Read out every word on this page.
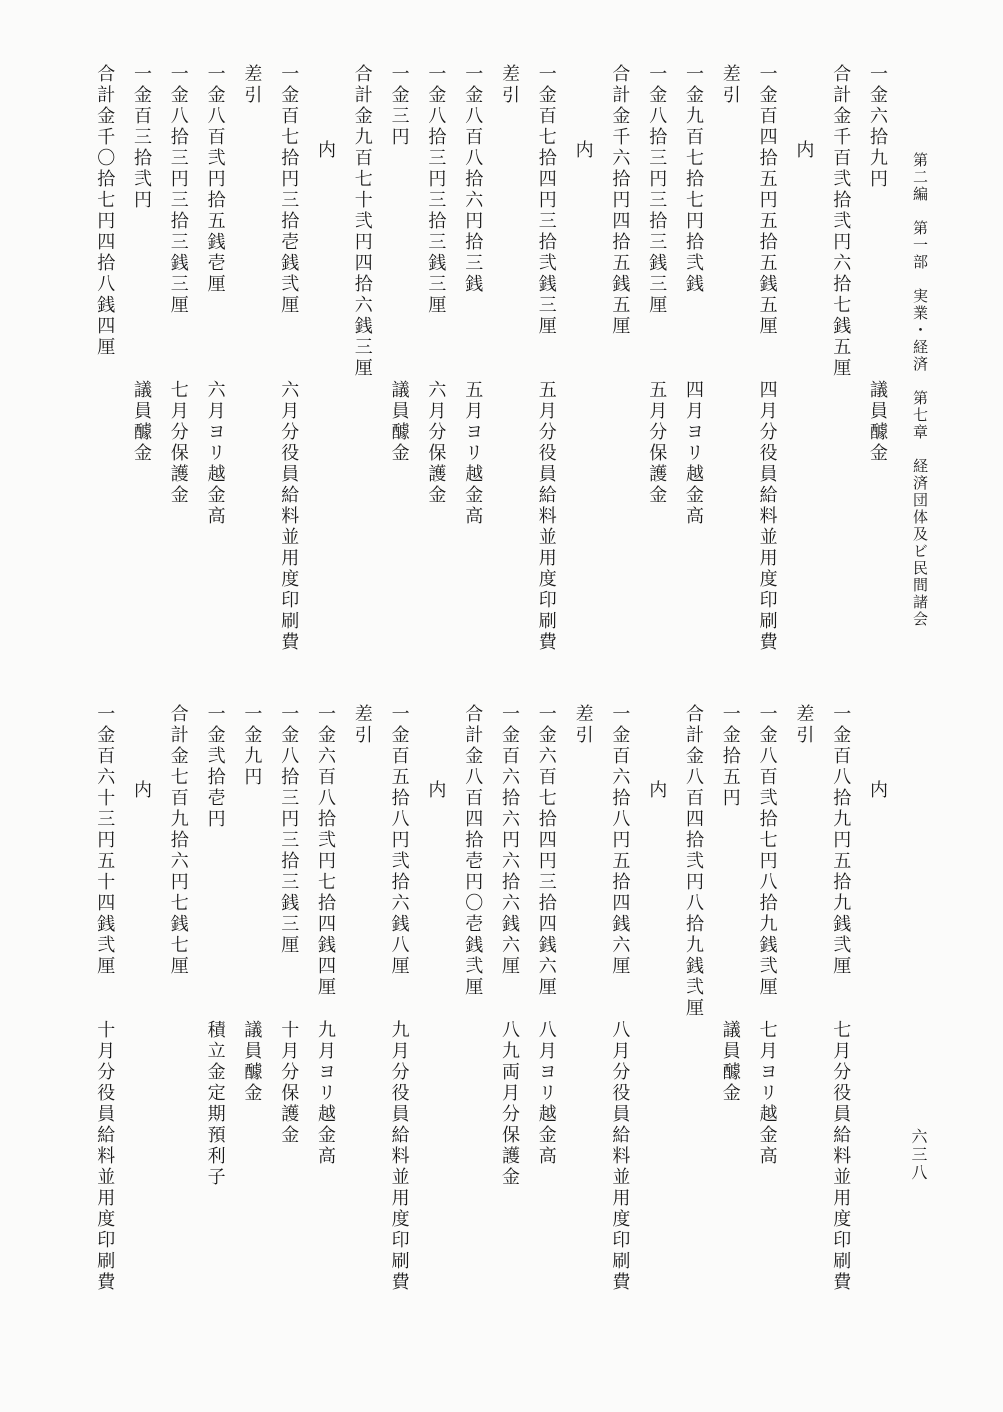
第二編　第一部　実業・経済　第七章　経済団体及ビ民間諸会
六三八
一金六拾九円
議員醵金
合計金千百弐拾弐円六拾七銭五厘
内
一金百四拾五円五拾五銭五厘
四月分役員給料並用度印刷費
差引
一金九百七拾七円拾弐銭
四月ヨリ越金高
一金八拾三円三拾三銭三厘
五月分保護金
合計金千六拾円四拾五銭五厘
内
一金百七拾四円三拾弐銭三厘
五月分役員給料並用度印刷費
差引
一金八百八拾六円拾三銭
五月ヨリ越金高
一金八拾三円三拾三銭三厘
六月分保護金
一金三円
議員醵金
合計金九百七十弐円四拾六銭三厘
内
一金百七拾円三拾壱銭弐厘
六月分役員給料並用度印刷費
差引
一金八百弐円拾五銭壱厘
六月ヨリ越金高
一金八拾三円三拾三銭三厘
七月分保護金
一金百三拾弐円
議員醵金
合計金千〇拾七円四拾八銭四厘
内
一金百八拾九円五拾九銭弐厘
七月分役員給料並用度印刷費
差引
一金八百弐拾七円八拾九銭弐厘
七月ヨリ越金高
一金拾五円
議員醵金
合計金八百四拾弐円八拾九銭弐厘
内
一金百六拾八円五拾四銭六厘
八月分役員給料並用度印刷費
差引
一金六百七拾四円三拾四銭六厘
八月ヨリ越金高
一金百六拾六円六拾六銭六厘
八九両月分保護金
合計金八百四拾壱円〇壱銭弐厘
内
一金百五拾八円弐拾六銭八厘
九月分役員給料並用度印刷費
差引
一金六百八拾弐円七拾四銭四厘
九月ヨリ越金高
一金八拾三円三拾三銭三厘
十月分保護金
一金九円
議員醵金
一金弐拾壱円
積立金定期預利子
合計金七百九拾六円七銭七厘
内
一金百六十三円五十四銭弐厘
十月分役員給料並用度印刷費
